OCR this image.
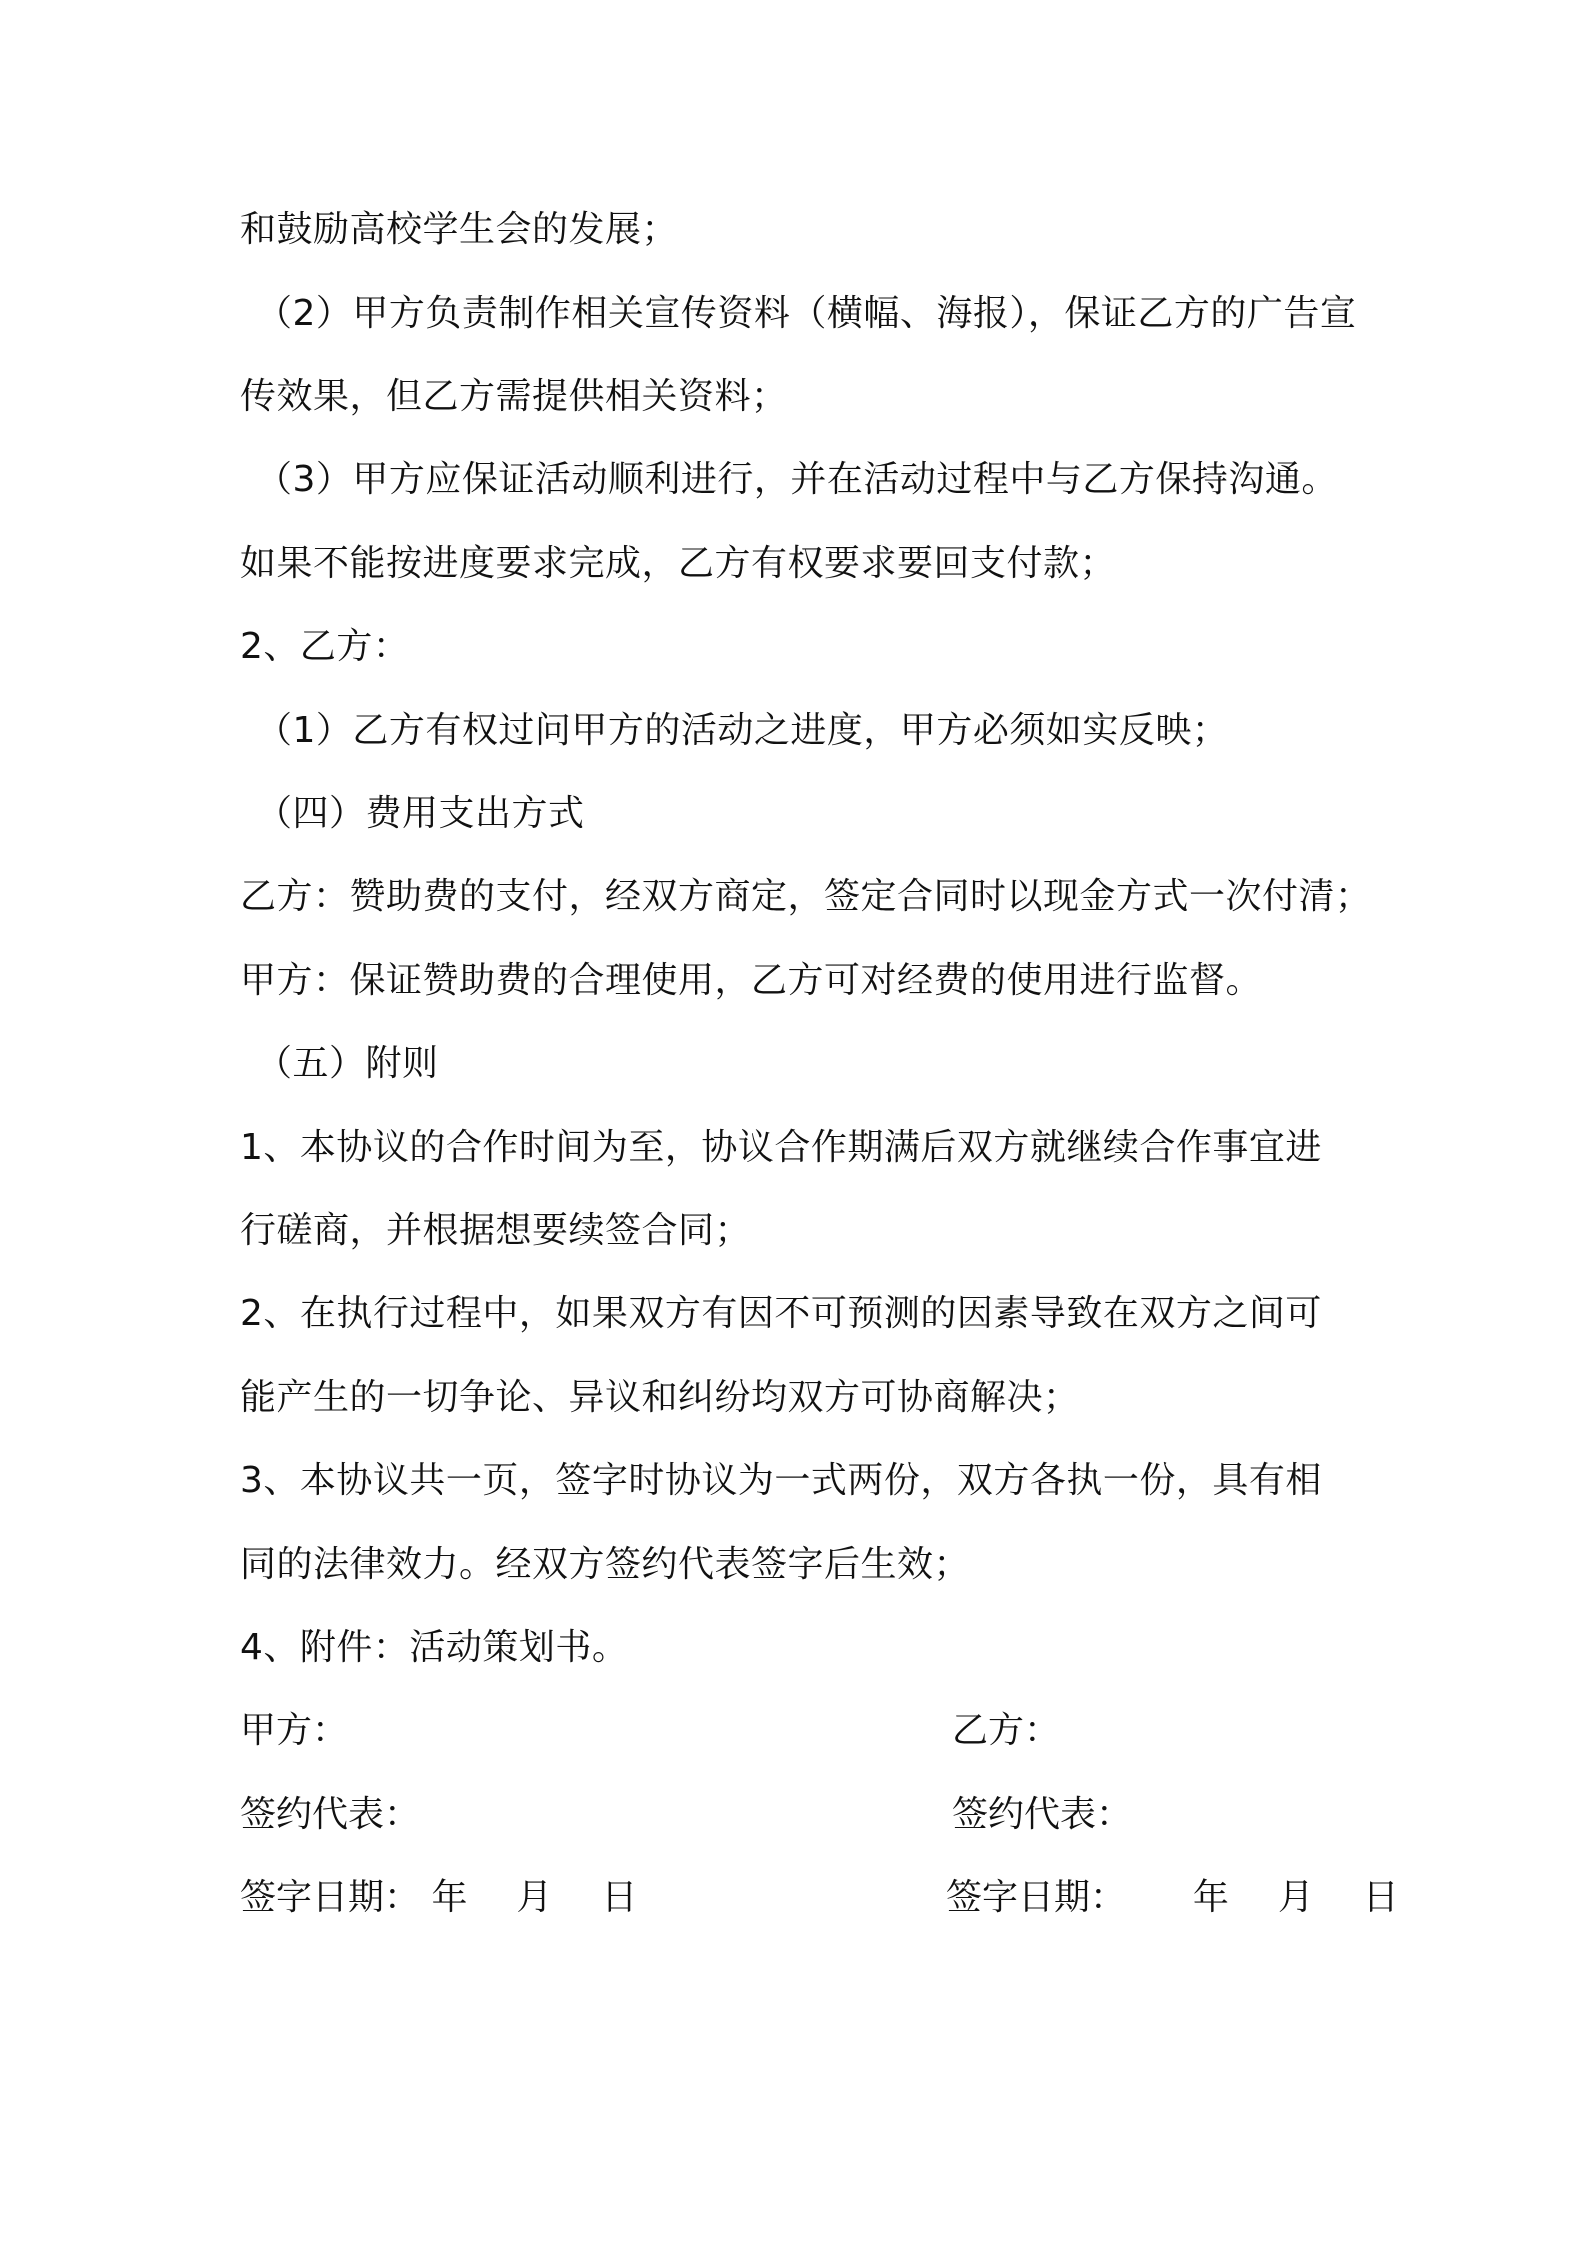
和鼓励高校学生会的发展；
（2）甲方负责制作相关宣传资料（横幅、海报），保证乙方的广告宣
传效果，但乙方需提供相关资料；
（3）甲方应保证活动顺利进行，并在活动过程中与乙方保持沟通。
如果不能按进度要求完成，乙方有权要求要回支付款；
2、乙方：
（1）乙方有权过问甲方的活动之进度，甲方必须如实反映；
（四）费用支出方式
乙方：赞助费的支付，经双方商定，签定合同时以现金方式一次付清；
甲方：保证赞助费的合理使用，乙方可对经费的使用进行监督。
（五）附则
1、本协议的合作时间为至，协议合作期满后双方就继续合作事宜进
行磋商，并根据想要续签合同；
2、在执行过程中，如果双方有因不可预测的因素导致在双方之间可
能产生的一切争论、异议和纠纷均双方可协商解决；
3、本协议共一页，签字时协议为一式两份，双方各执一份，具有相
同的法律效力。经双方签约代表签字后生效；
4、附件：活动策划书。
甲方：	乙方：
签约代表：	签约代表：
签字日期： 年 月 日	签字日期： 年 月 日
